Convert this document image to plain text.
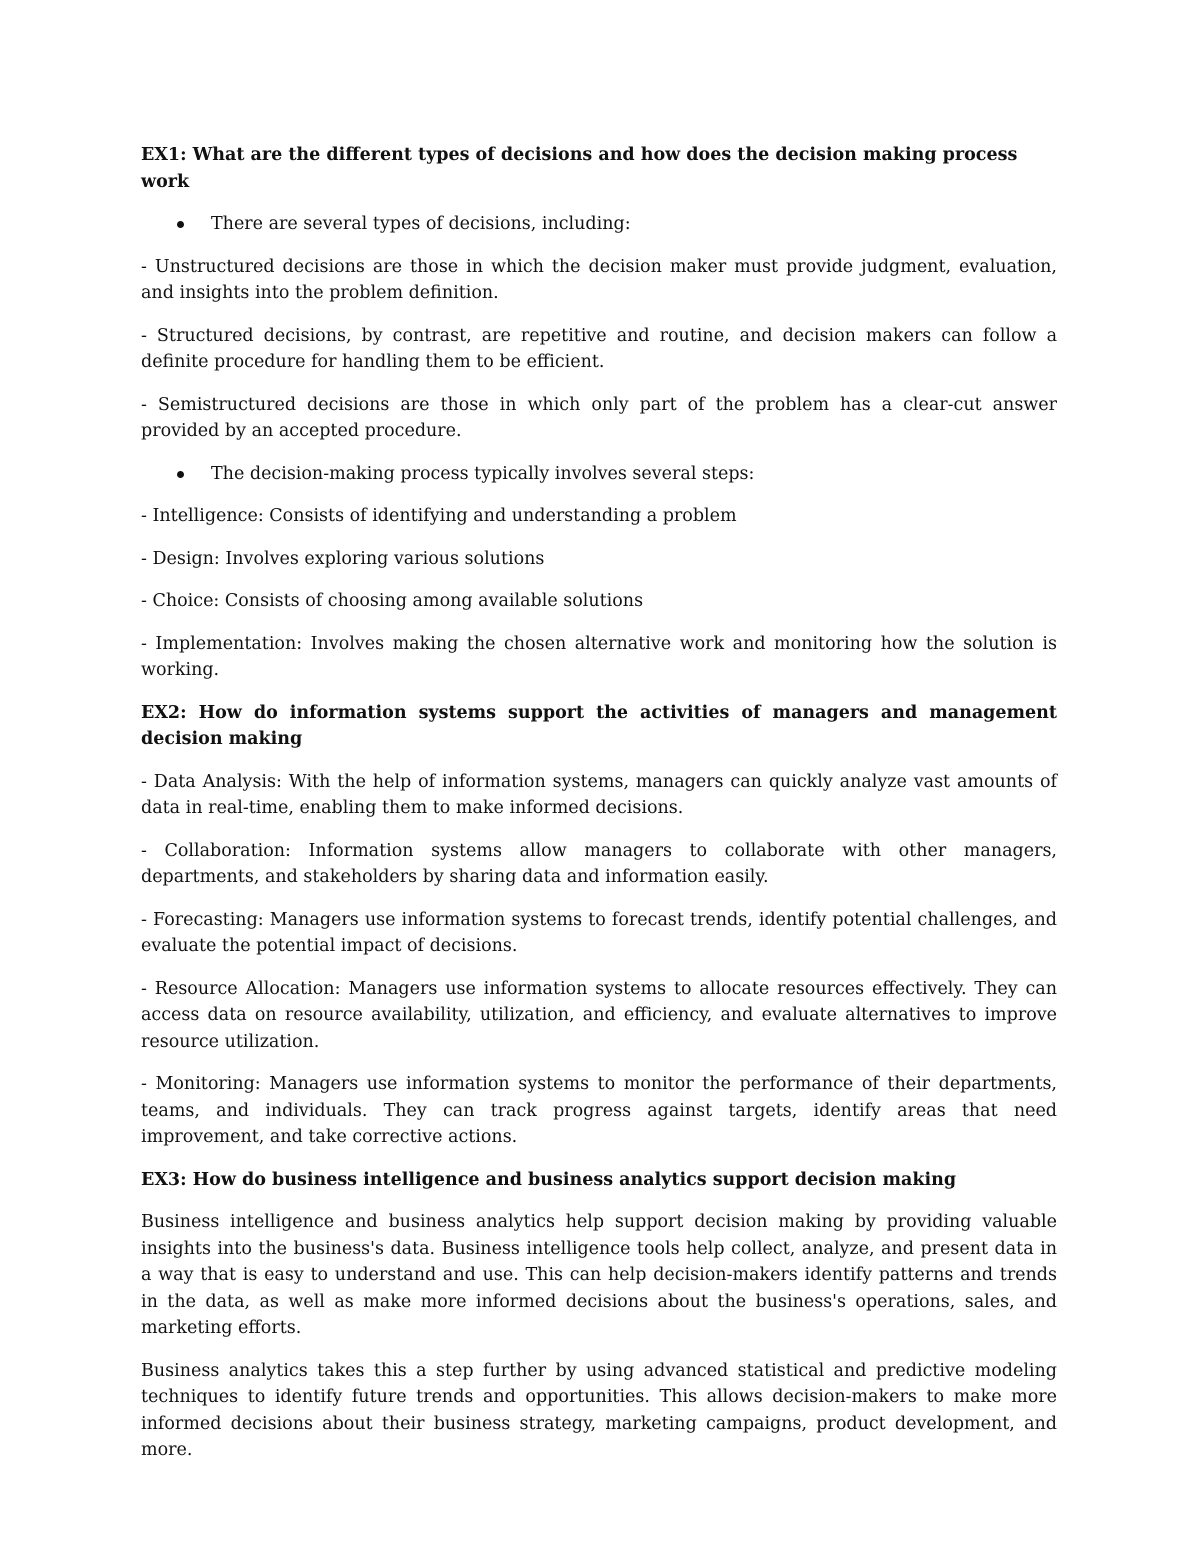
EX1: What are the different types of decisions and how does the decision making process work

There are several types of decisions, including:

- Unstructured decisions are those in which the decision maker must provide judgment, evaluation, and insights into the problem definition.

- Structured decisions, by contrast, are repetitive and routine, and decision makers can follow a definite procedure for handling them to be efficient.

- Semistructured decisions are those in which only part of the problem has a clear-cut answer provided by an accepted procedure.

The decision-making process typically involves several steps:

- Intelligence: Consists of identifying and understanding a problem

- Design: Involves exploring various solutions

- Choice: Consists of choosing among available solutions

- Implementation: Involves making the chosen alternative work and monitoring how the solution is working.

EX2: How do information systems support the activities of managers and management decision making

- Data Analysis: With the help of information systems, managers can quickly analyze vast amounts of data in real-time, enabling them to make informed decisions.

- Collaboration: Information systems allow managers to collaborate with other managers, departments, and stakeholders by sharing data and information easily.

- Forecasting: Managers use information systems to forecast trends, identify potential challenges, and evaluate the potential impact of decisions.

- Resource Allocation: Managers use information systems to allocate resources effectively. They can access data on resource availability, utilization, and efficiency, and evaluate alternatives to improve resource utilization.

- Monitoring: Managers use information systems to monitor the performance of their departments, teams, and individuals. They can track progress against targets, identify areas that need improvement, and take corrective actions.

EX3: How do business intelligence and business analytics support decision making

Business intelligence and business analytics help support decision making by providing valuable insights into the business's data. Business intelligence tools help collect, analyze, and present data in a way that is easy to understand and use. This can help decision-makers identify patterns and trends in the data, as well as make more informed decisions about the business's operations, sales, and marketing efforts.

Business analytics takes this a step further by using advanced statistical and predictive modeling techniques to identify future trends and opportunities. This allows decision-makers to make more informed decisions about their business strategy, marketing campaigns, product development, and more.
